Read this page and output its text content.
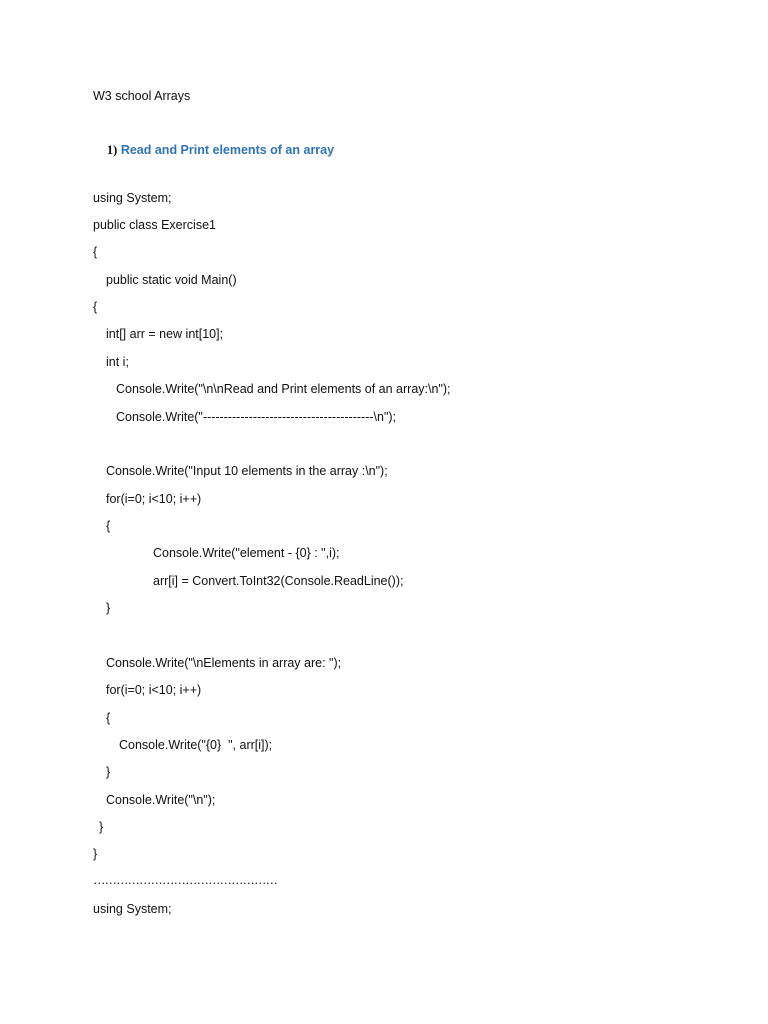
W3 school Arrays

1) Read and Print elements of an array

using System;
public class Exercise1
{
public static void Main()
{
int[] arr = new int[10];
int i;
Console.Write("\n\nRead and Print elements of an array:\n");
Console.Write("-----------------------------------------\n");
Console.Write("Input 10 elements in the array :\n");
for(i=0; i<10; i++)
{
Console.Write("element - {0} : ",i);
arr[i] = Convert.ToInt32(Console.ReadLine());
}
Console.Write("\nElements in array are: ");
for(i=0; i<10; i++)
{
Console.Write("{0}  ", arr[i]);
}
Console.Write("\n");
}
}
…………………………………………
using System;
